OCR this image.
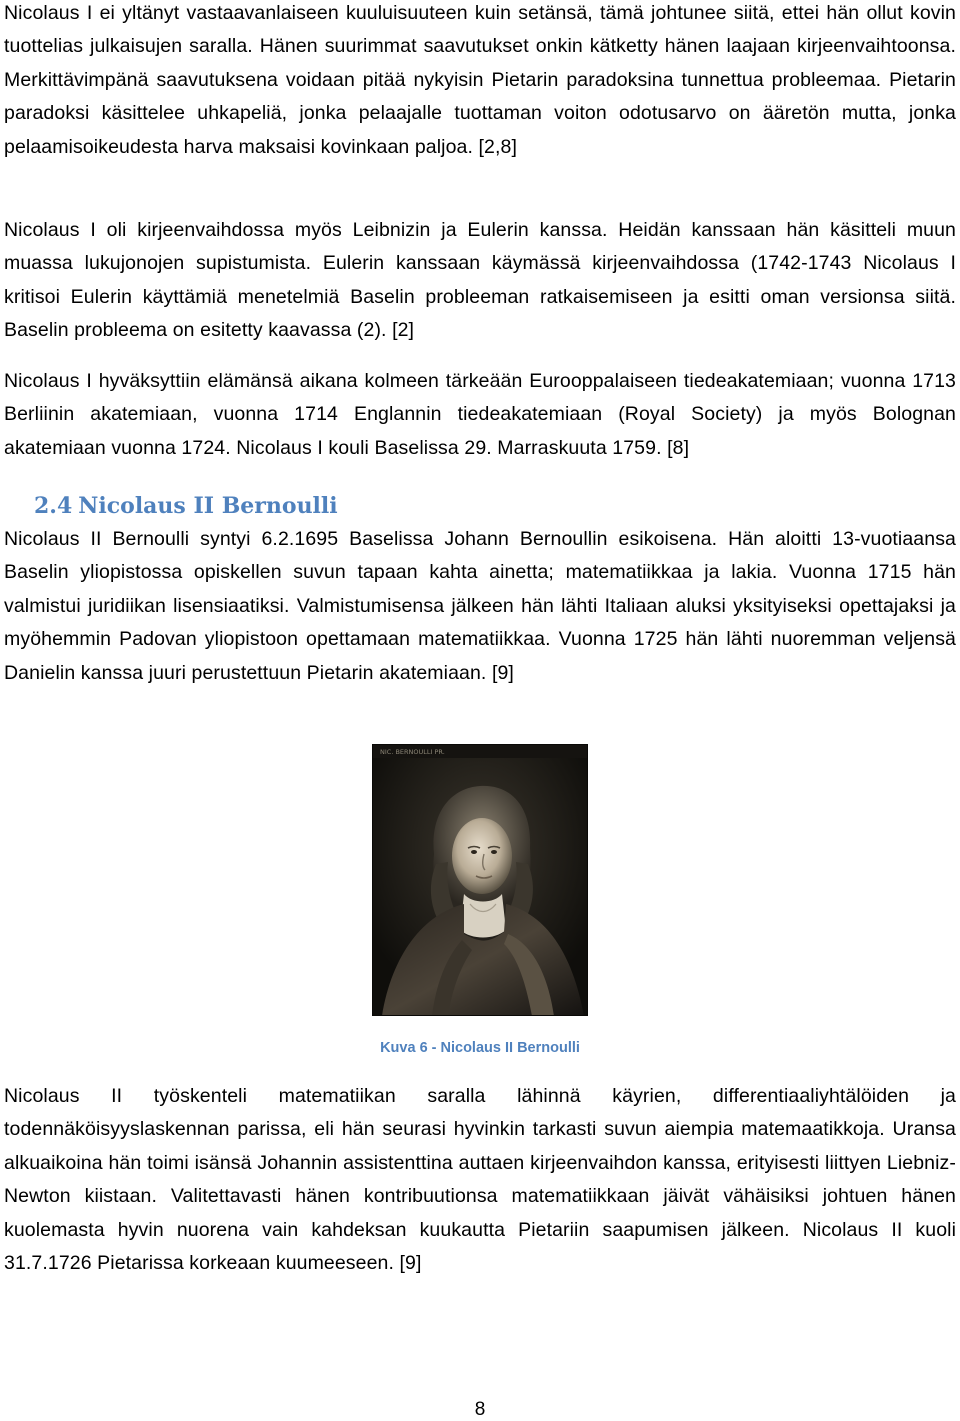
Nicolaus I ei yltänyt vastaavanlaiseen kuuluisuuteen kuin setänsä, tämä johtunee siitä, ettei hän ollut kovin tuottelias julkaisujen saralla. Hänen suurimmat saavutukset onkin kätketty hänen laajaan kirjeenvaihtoonsa. Merkittävimpänä saavutuksena voidaan pitää nykyisin Pietarin paradoksina tunnettua probleemaa. Pietarin paradoksi käsittelee uhkapeliä, jonka pelaajalle tuottaman voiton odotusarvo on ääretön mutta, jonka pelaamisoikeudesta harva maksaisi kovinkaan paljoa. [2,8]

Nicolaus I oli kirjeenvaihdossa myös Leibnizin ja Eulerin kanssa. Heidän kanssaan hän käsitteli muun muassa lukujonojen supistumista. Eulerin kanssaan käymässä kirjeenvaihdossa (1742-1743 Nicolaus I kritisoi Eulerin käyttämiä menetelmiä Baselin probleeman ratkaisemiseen ja esitti oman versionsa siitä. Baselin probleema on esitetty kaavassa (2). [2]

Nicolaus I hyväksyttiin elämänsä aikana kolmeen tärkeään Eurooppalaiseen tiedeakatemiaan; vuonna 1713 Berliinin akatemiaan, vuonna 1714 Englannin tiedeakatemiaan (Royal Society) ja myös Bolognan akatemiaan vuonna 1724. Nicolaus I kouli Baselissa 29. Marraskuuta 1759. [8]

Nicolaus II Bernoulli syntyi 6.2.1695 Baselissa Johann Bernoullin esikoisena. Hän aloitti 13-vuotiaansa Baselin yliopistossa opiskellen suvun tapaan kahta ainetta; matematiikkaa ja lakia. Vuonna 1715 hän valmistui juridiikan lisensiaatiksi. Valmistumisensa jälkeen hän lähti Italiaan aluksi yksityiseksi opettajaksi ja myöhemmin Padovan yliopistoon opettamaan matematiikkaa. Vuonna 1725 hän lähti nuoremman veljensä Danielin kanssa juuri perustettuun Pietarin akatemiaan. [9]

Nicolaus II työskenteli matematiikan saralla lähinnä käyrien, differentiaaliyhtälöiden ja todennäköisyyslaskennan parissa, eli hän seurasi hyvinkin tarkasti suvun aiempia matemaatikkoja. Uransa alkuaikoina hän toimi isänsä Johannin assistenttina auttaen kirjeenvaihdon kanssa, erityisesti liittyen Liebniz-Newton kiistaan. Valitettavasti hänen kontribuutionsa matematiikkaan jäivät vähäisiksi johtuen hänen kuolemasta hyvin nuorena vain kahdeksan kuukautta Pietariin saapumisen jälkeen. Nicolaus II kuoli 31.7.1726 Pietarissa korkeaan kuumeeseen. [9]

2.4 Nicolaus II Bernoulli
NIC. BERNOULLI PR.
Kuva 6 - Nicolaus II Bernoulli
8
